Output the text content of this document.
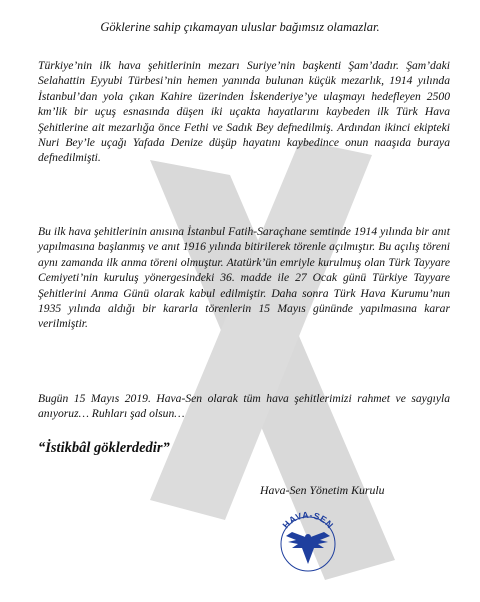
Göklerine sahip çıkamayan uluslar bağımsız olamazlar.

Türkiye’nin ilk hava şehitlerinin mezarı Suriye’nin başkenti Şam’dadır. Şam’daki Selahattin Eyyubi Türbesi’nin hemen yanında bulunan küçük mezarlık, 1914 yılında İstanbul’dan yola çıkan Kahire üzerinden İskenderiye’ye ulaşmayı hedefleyen 2500 km’lik bir uçuş esnasında düşen iki uçakta hayatlarını kaybeden ilk Türk Hava Şehitlerine ait mezarlığa önce Fethi ve Sadık Bey defnedilmiş. Ardından ikinci ekipteki Nuri Bey’le uçağı Yafada Denize düşüp hayatını kaybedince onun naaşıda buraya defnedilmişti.

Bu ilk hava şehitlerinin anısına İstanbul Fatih-Saraçhane semtinde 1914 yılında bir anıt yapılmasına başlanmış ve anıt 1916 yılında bitirilerek törenle açılmıştır. Bu açılış töreni aynı zamanda ilk anma töreni olmuştur. Atatürk’ün emriyle kurulmuş olan Türk Tayyare Cemiyeti’nin kuruluş yönergesindeki 36. madde ile 27 Ocak günü Türkiye Tayyare Şehitlerini Anma Günü olarak kabul edilmiştir. Daha sonra Türk Hava Kurumu’nun 1935 yılında aldığı bir kararla törenlerin 15 Mayıs gününde yapılmasına karar verilmiştir.

Bugün 15 Mayıs 2019. Hava-Sen olarak tüm hava şehitlerimizi rahmet ve saygıyla anıyoruz… Ruhları şad olsun…

“İstikbâl göklerdedir”
Hava-Sen Yönetim Kurulu
HAVA-SEN
